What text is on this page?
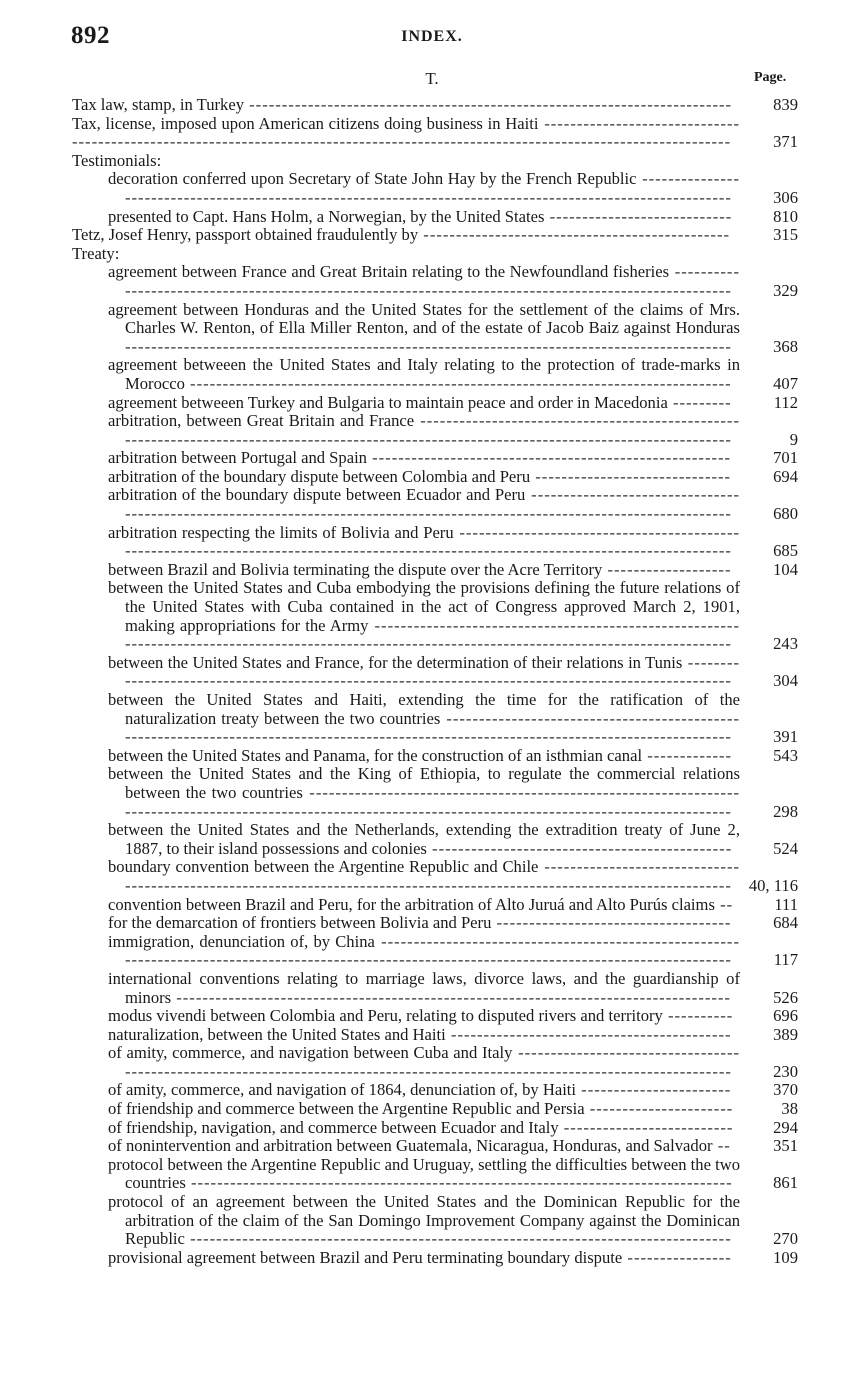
892	INDEX.
T.	Page.
Tax law, stamp, in Turkey --------------------------------------------------------------------------	839
Tax, license, imposed upon American citizens doing business in Haiti -----------------------------------------------------------------------------------------------------------------------------------	371
Testimonials:
decoration conferred upon Secretary of State John Hay by the French Republic ------------------------------------------------------------------------------------------------------------	306
presented to Capt. Hans Holm, a Norwegian, by the United States ----------------------------	810
Tetz, Josef Henry, passport obtained fraudulently by -----------------------------------------------	315
Treaty:
agreement between France and Great Britain relating to the Newfoundland fisheries -------------------------------------------------------------------------------------------------------	329
agreement between Honduras and the United States for the settlement of the claims of Mrs. Charles W. Renton, of Ella Miller Renton, and of the estate of Jacob Baiz against Honduras ---------------------------------------------------------------------------------------------	368
agreement betweeen the United States and Italy relating to the protection of trade-marks in Morocco -----------------------------------------------------------------------------------	407
agreement betweeen Turkey and Bulgaria to maintain peace and order in Macedonia ---------	112
arbitration, between Great Britain and France ----------------------------------------------------------------------------------------------------------------------------------------------	9
arbitration between Portugal and Spain -------------------------------------------------------	701
arbitration of the boundary dispute between Colombia and Peru ------------------------------	694
arbitration of the boundary dispute between Ecuador and Peru -----------------------------------------------------------------------------------------------------------------------------	680
arbitration respecting the limits of Bolivia and Peru ----------------------------------------------------------------------------------------------------------------------------------------	685
between Brazil and Bolivia terminating the dispute over the Acre Territory -------------------	104
between the United States and Cuba embodying the provisions defining the future relations of the United States with Cuba contained in the act of Congress approved March 2, 1901, making appropriations for the Army -----------------------------------------------------------------------------------------------------------------------------------------------------	243
between the United States and France, for the determination of their relations in Tunis -----------------------------------------------------------------------------------------------------	304
between the United States and Haiti, extending the time for the ratification of the naturalization treaty between the two countries ------------------------------------------------------------------------------------------------------------------------------------------	391
between the United States and Panama, for the construction of an isthmian canal -------------	543
between the United States and the King of Ethiopia, to regulate the commercial relations between the two countries ---------------------------------------------------------------------------------------------------------------------------------------------------------------	298
between the United States and the Netherlands, extending the extradition treaty of June 2, 1887, to their island possessions and colonies ----------------------------------------------	524
boundary convention between the Argentine Republic and Chile ---------------------------------------------------------------------------------------------------------------------------	40, 116
convention between Brazil and Peru, for the arbitration of Alto Juruá and Alto Purús claims --	111
for the demarcation of frontiers between Bolivia and Peru ------------------------------------	684
immigration, denunciation of, by China ----------------------------------------------------------------------------------------------------------------------------------------------------	117
international conventions relating to marriage laws, divorce laws, and the guardianship of minors -------------------------------------------------------------------------------------	526
modus vivendi between Colombia and Peru, relating to disputed rivers and territory ----------	696
naturalization, between the United States and Haiti -------------------------------------------	389
of amity, commerce, and navigation between Cuba and Italy -------------------------------------------------------------------------------------------------------------------------------	230
of amity, commerce, and navigation of 1864, denunciation of, by Haiti -----------------------	370
of friendship and commerce between the Argentine Republic and Persia ----------------------	38
of friendship, navigation, and commerce between Ecuador and Italy --------------------------	294
of nonintervention and arbitration between Guatemala, Nicaragua, Honduras, and Salvador --	351
protocol between the Argentine Republic and Uruguay, settling the difficulties between the two countries -----------------------------------------------------------------------------------	861
protocol of an agreement between the United States and the Dominican Republic for the arbitration of the claim of the San Domingo Improvement Company against the Dominican Republic -----------------------------------------------------------------------------------	270
provisional agreement between Brazil and Peru terminating boundary dispute ----------------	109
